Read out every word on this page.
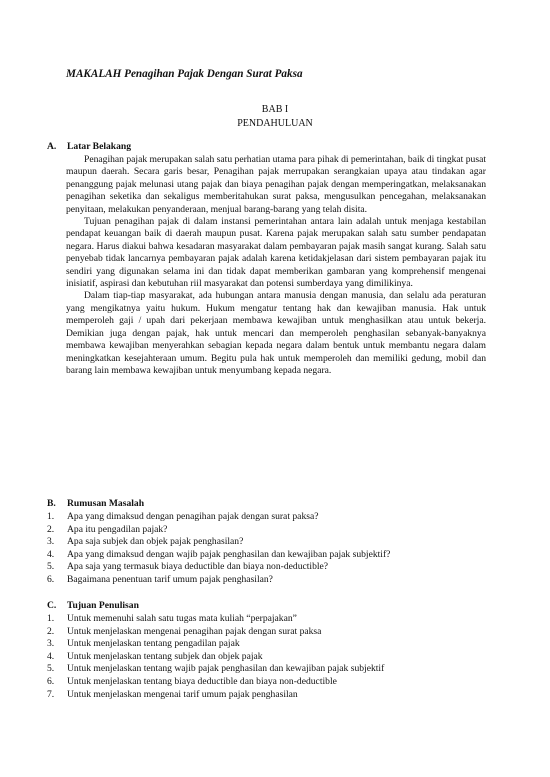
MAKALAH Penagihan Pajak Dengan Surat Paksa
BAB I
PENDAHULUAN
A. Latar Belakang

Penagihan pajak merupakan salah satu perhatian utama para pihak di pemerintahan, baik di tingkat pusat maupun daerah. Secara garis besar, Penagihan pajak merrupakan serangkaian upaya atau tindakan agar penanggung pajak melunasi utang pajak dan biaya penagihan pajak dengan memperingatkan, melaksanakan penagihan seketika dan sekaligus memberitahukan surat paksa, mengusulkan pencegahan, melaksanakan penyitaan, melakukan penyanderaan, menjual barang-barang yang telah disita.

Tujuan penagihan pajak di dalam instansi pemerintahan antara lain adalah untuk menjaga kestabilan pendapat keuangan baik di daerah maupun pusat. Karena pajak merupakan salah satu sumber pendapatan negara. Harus diakui bahwa kesadaran masyarakat dalam pembayaran pajak masih sangat kurang. Salah satu penyebab tidak lancarnya pembayaran pajak adalah karena ketidakjelasan dari sistem pembayaran pajak itu sendiri yang digunakan selama ini dan tidak dapat memberikan gambaran yang komprehensif mengenai inisiatif, aspirasi dan kebutuhan riil masyarakat dan potensi sumberdaya yang dimilikinya.

Dalam tiap-tiap masyarakat, ada hubungan antara manusia dengan manusia, dan selalu ada peraturan yang mengikatnya yaitu hukum. Hukum mengatur tentang hak dan kewajiban manusia. Hak untuk memperoleh gaji / upah dari pekerjaan membawa kewajiban untuk menghasilkan atau untuk bekerja. Demikian juga dengan pajak, hak untuk mencari dan memperoleh penghasilan sebanyak-banyaknya membawa kewajiban menyerahkan sebagian kepada negara dalam bentuk untuk membantu negara dalam meningkatkan kesejahteraan umum. Begitu pula hak untuk memperoleh dan memiliki gedung, mobil dan barang lain membawa kewajiban untuk menyumbang kepada negara.

B. Rumusan Masalah
1.	Apa yang dimaksud dengan penagihan pajak dengan surat paksa?
2.	Apa itu pengadilan pajak?
3.	Apa saja subjek dan objek pajak penghasilan?
4.	Apa yang dimaksud dengan wajib pajak penghasilan dan kewajiban pajak subjektif?
5.	Apa saja yang termasuk biaya deductible dan biaya non-deductible?
6.	Bagaimana penentuan tarif umum pajak penghasilan?
C. Tujuan Penulisan
1.	Untuk memenuhi salah satu tugas mata kuliah “perpajakan”
2.	Untuk menjelaskan mengenai penagihan pajak dengan surat paksa
3.	Untuk menjelaskan tentang pengadilan pajak
4.	Untuk menjelaskan tentang subjek dan objek pajak
5.	Untuk menjelaskan tentang wajib pajak penghasilan dan kewajiban pajak subjektif
6.	Untuk menjelaskan tentang biaya deductible dan biaya non-deductible
7.	Untuk menjelaskan mengenai tarif umum pajak penghasilan
